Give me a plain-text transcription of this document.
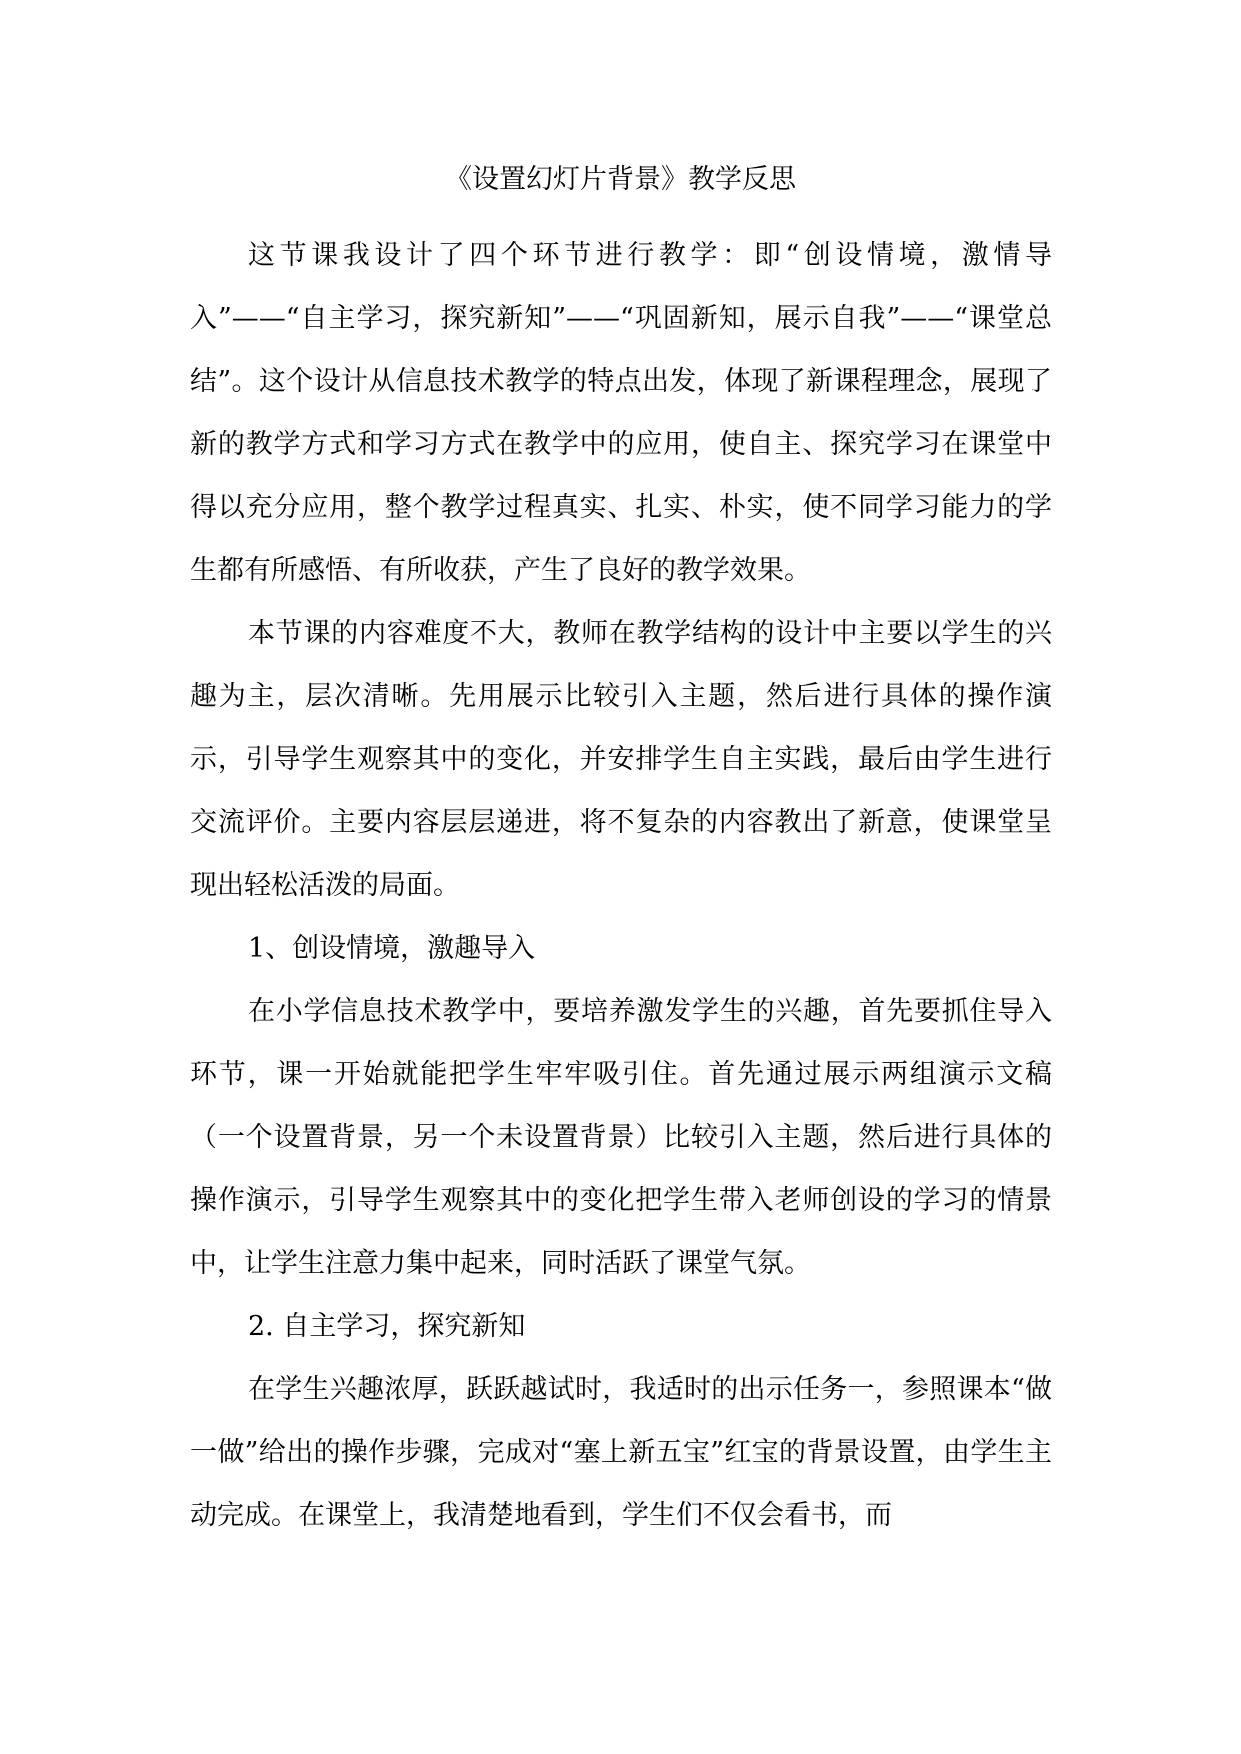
《设置幻灯片背景》教学反思

这节课我设计了四个环节进行教学：即“创设情境，激情导入”——“自主学习，探究新知”——“巩固新知，展示自我”——“课堂总结”。这个设计从信息技术教学的特点出发，体现了新课程理念，展现了新的教学方式和学习方式在教学中的应用，使自主、探究学习在课堂中得以充分应用，整个教学过程真实、扎实、朴实，使不同学习能力的学生都有所感悟、有所收获，产生了良好的教学效果。

本节课的内容难度不大，教师在教学结构的设计中主要以学生的兴趣为主，层次清晰。先用展示比较引入主题，然后进行具体的操作演示，引导学生观察其中的变化，并安排学生自主实践，最后由学生进行交流评价。主要内容层层递进，将不复杂的内容教出了新意，使课堂呈现出轻松活泼的局面。

1、创设情境，激趣导入

在小学信息技术教学中，要培养激发学生的兴趣，首先要抓住导入环节，课一开始就能把学生牢牢吸引住。首先通过展示两组演示文稿（一个设置背景，另一个未设置背景）比较引入主题，然后进行具体的操作演示，引导学生观察其中的变化把学生带入老师创设的学习的情景中，让学生注意力集中起来，同时活跃了课堂气氛。

2. 自主学习，探究新知

在学生兴趣浓厚，跃跃越试时，我适时的出示任务一，参照课本“做一做”给出的操作步骤，完成对“塞上新五宝”红宝的背景设置，由学生主动完成。在课堂上，我清楚地看到，学生们不仅会看书，而
